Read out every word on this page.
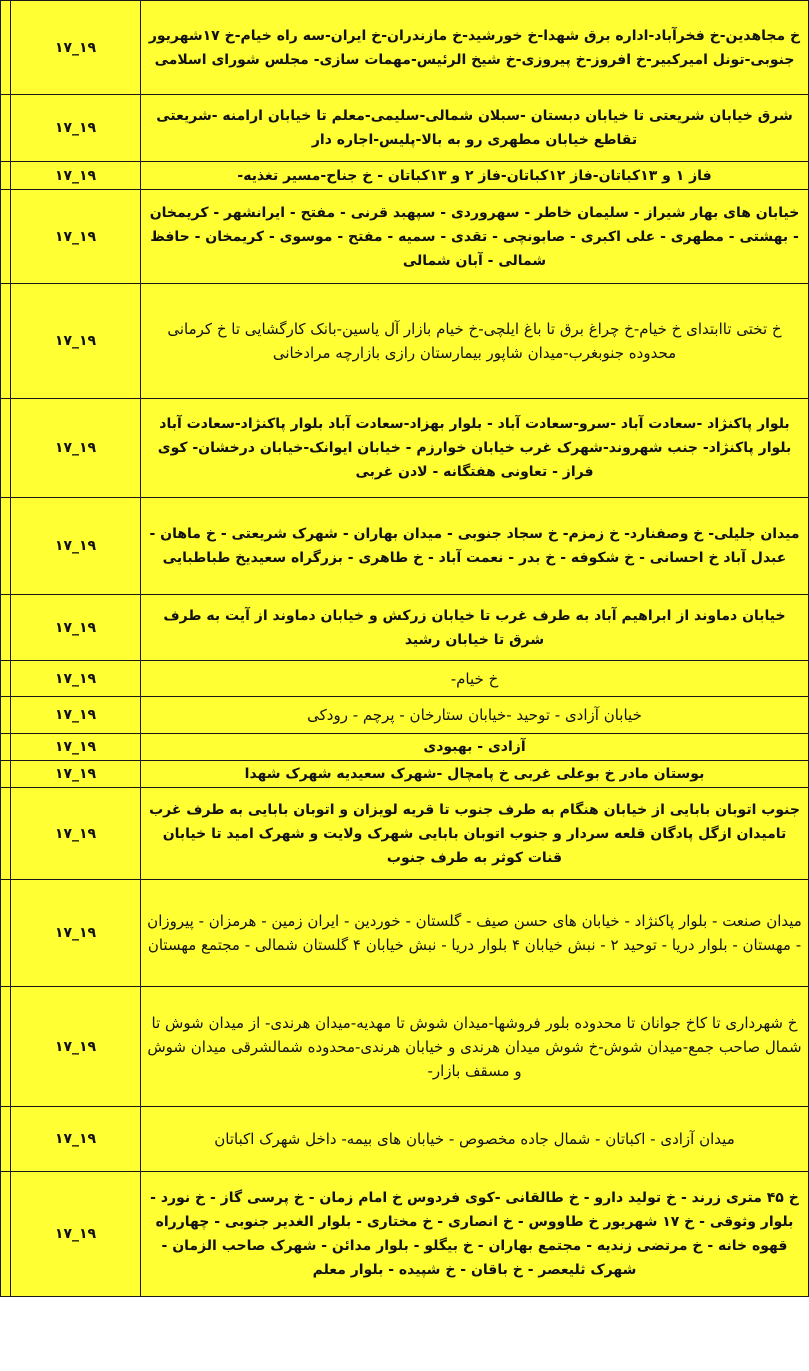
خ مجاهدین-خ فخرآباد-اداره برق شهدا-خ خورشید-خ مازندران-خ ایران-سه راه خیام-خ ۱۷شهریور جنوبی-تونل امیرکبیر-خ افروز-خ پیروزی-خ شیخ الرئیس-مهمات سازی- مجلس شورای اسلامی	۱۷_۱۹	
شرق خیابان شریعتی تا خیابان دبستان -سبلان شمالی-سلیمی-معلم تا خیابان ارامنه -شریعتی تقاطع خیابان مطهری رو به بالا-پلیس-اجاره دار	۱۷_۱۹	
فاز ۱ و ۱۳کباتان-فاز ۱۲کباتان-فاز ۲ و ۱۳کباتان - خ جناح-مسیر تغذیه-	۱۷_۱۹	
خیابان های بهار شیراز - سلیمان خاطر - سهروردی - سپهبد قرنی - مفتح - ایرانشهر - کریمخان - بهشتی - مطهری - علی اکبری - صابونچی - تقدی - سمیه - مفتح - موسوی - کریمخان - حافظ شمالی - آبان شمالی	۱۷_۱۹	
خ تختی تاابتدای خ خیام-خ چراغ برق تا باغ ایلچی-خ خیام بازار آل یاسین-بانک کارگشایی تا خ کرمانی محدوده جنوبغرب-میدان شاپور بیمارستان رازی بازارچه مرادخانی	۱۷_۱۹	
بلوار پاکنژاد -سعادت آباد -سرو-سعادت آباد - بلوار بهزاد-سعادت آباد بلوار پاکنژاد-سعادت آباد بلوار پاکنژاد- جنب شهروند-شهرک غرب خیابان خوارزم - خیابان ایوانک-خیابان درخشان- کوی فراز - تعاونی هفتگانه - لادن غربی	۱۷_۱۹	
میدان جلیلی- خ وصفنارد- خ زمزم- خ سجاد جنوبی - میدان بهاران - شهرک شریعتی - خ ماهان - عبدل آباد خ احسانی - خ شکوفه - خ بدر - نعمت آباد - خ طاهری - بزرگراه سعیدیخ طباطبایی	۱۷_۱۹	
خیابان دماوند از ابراهیم آباد به طرف غرب تا خیابان زرکش و خیابان دماوند از آیت به طرف شرق تا خیابان رشید	۱۷_۱۹	
خ خیام-	۱۷_۱۹	
خیابان آزادی - توحید -خیابان ستارخان - پرچم - رودکی	۱۷_۱۹	
آزادی - بهبودی	۱۷_۱۹	
بوستان مادر خ بوعلی غربی خ پامچال -شهرک سعیدیه شهرک شهدا	۱۷_۱۹	
جنوب اتوبان بابایی از خیابان هنگام به طرف جنوب تا قریه لویزان و اتوبان بابایی به طرف غرب تامیدان ازگل پادگان قلعه سردار و جنوب اتوبان بابایی شهرک ولایت و شهرک امید تا خیابان قنات کوثر به طرف جنوب	۱۷_۱۹	
میدان صنعت - بلوار پاکنژاد - خیابان های حسن صیف - گلستان - خوردین - ایران زمین - هرمزان - پیروزان - مهستان - بلوار دریا - توحید ۲ - نبش خیابان ۴ بلوار دریا - نبش خیابان ۴ گلستان شمالی - مجتمع مهستان	۱۷_۱۹	
خ شهرداری تا کاخ جوانان تا محدوده بلور فروشها-میدان شوش تا مهدیه-میدان هرندی- از میدان شوش تا شمال صاحب جمع-میدان شوش-خ شوش میدان هرندی و خیابان هرندی-محدوده شمالشرقی میدان شوش و مسقف بازار-	۱۷_۱۹	
میدان آزادی - اکباتان - شمال جاده مخصوص - خیابان های بیمه- داخل شهرک اکباتان	۱۷_۱۹	
خ ۴۵ متری زرند - خ تولید دارو - خ طالقانی -کوی فردوس خ امام زمان - خ پرسی گاز - خ نورد - بلوار وثوقی - خ ۱۷ شهریور خ طاووس - خ انصاری - خ مختاری - بلوار الغدیر جنوبی - چهارراه قهوه خانه - خ مرتضی زندیه - مجتمع بهاران - خ بیگلو - بلوار مدائن - شهرک صاحب الزمان - شهرک ثلیعصر - خ باقان - خ شپیده - بلوار معلم	۱۷_۱۹	
